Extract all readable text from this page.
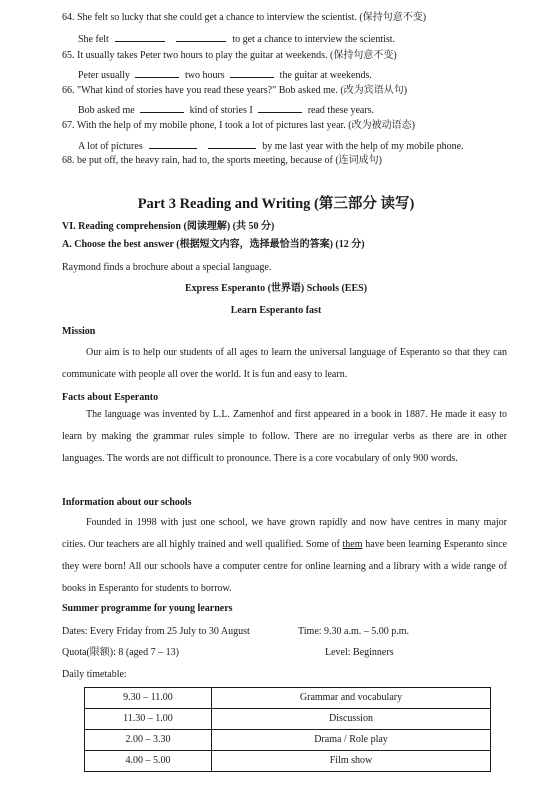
64. She felt so lucky that she could get a chance to interview the scientist. (保持句意不变)
She felt	to get a chance to interview the scientist.
65. It usually takes Peter two hours to play the guitar at weekends. (保持句意不变)
Peter usually	two hours	the guitar at weekends.
66. "What kind of stories have you read these years?" Bob asked me. (改为宾语从句)
Bob asked me	kind of stories I	read these years.
67. With the help of my mobile phone, I took a lot of pictures last year. (改为被动语态)
A lot of pictures	by me last year with the help of my mobile phone.
68. be put off, the heavy rain, had to, the sports meeting, because of (连词成句)
Part 3 Reading and Writing (第三部分 读写)
VI. Reading comprehension (阅读理解) (共 50 分)
A. Choose the best answer (根据短文内容，选择最恰当的答案) (12 分)
Raymond finds a brochure about a special language.
Express Esperanto (世界语) Schools (EES)
Learn Esperanto fast
Mission
Our aim is to help our students of all ages to learn the universal language of Esperanto so that they can communicate with people all over the world. It is fun and easy to learn.
Facts about Esperanto
The language was invented by L.L. Zamenhof and first appeared in a book in 1887. He made it easy to learn by making the grammar rules simple to follow. There are no irregular verbs as there are in other languages. The words are not difficult to pronounce. There is a core vocabulary of only 900 words.
Information about our schools
Founded in 1998 with just one school, we have grown rapidly and now have centres in many major cities. Our teachers are all highly trained and well qualified. Some of them have been learning Esperanto since they were born! All our schools have a computer centre for online learning and a library with a wide range of books in Esperanto for students to borrow.
Summer programme for young learners
Dates: Every Friday from 25 July to 30 August	Time: 9.30 a.m. – 5.00 p.m.
Quota(限额): 8 (aged 7 – 13)	Level: Beginners
Daily timetable:
9.30 – 11.00	Grammar and vocabulary
11.30 – 1.00	Discussion
2.00 – 3.30	Drama / Role play
4.00 – 5.00	Film show
